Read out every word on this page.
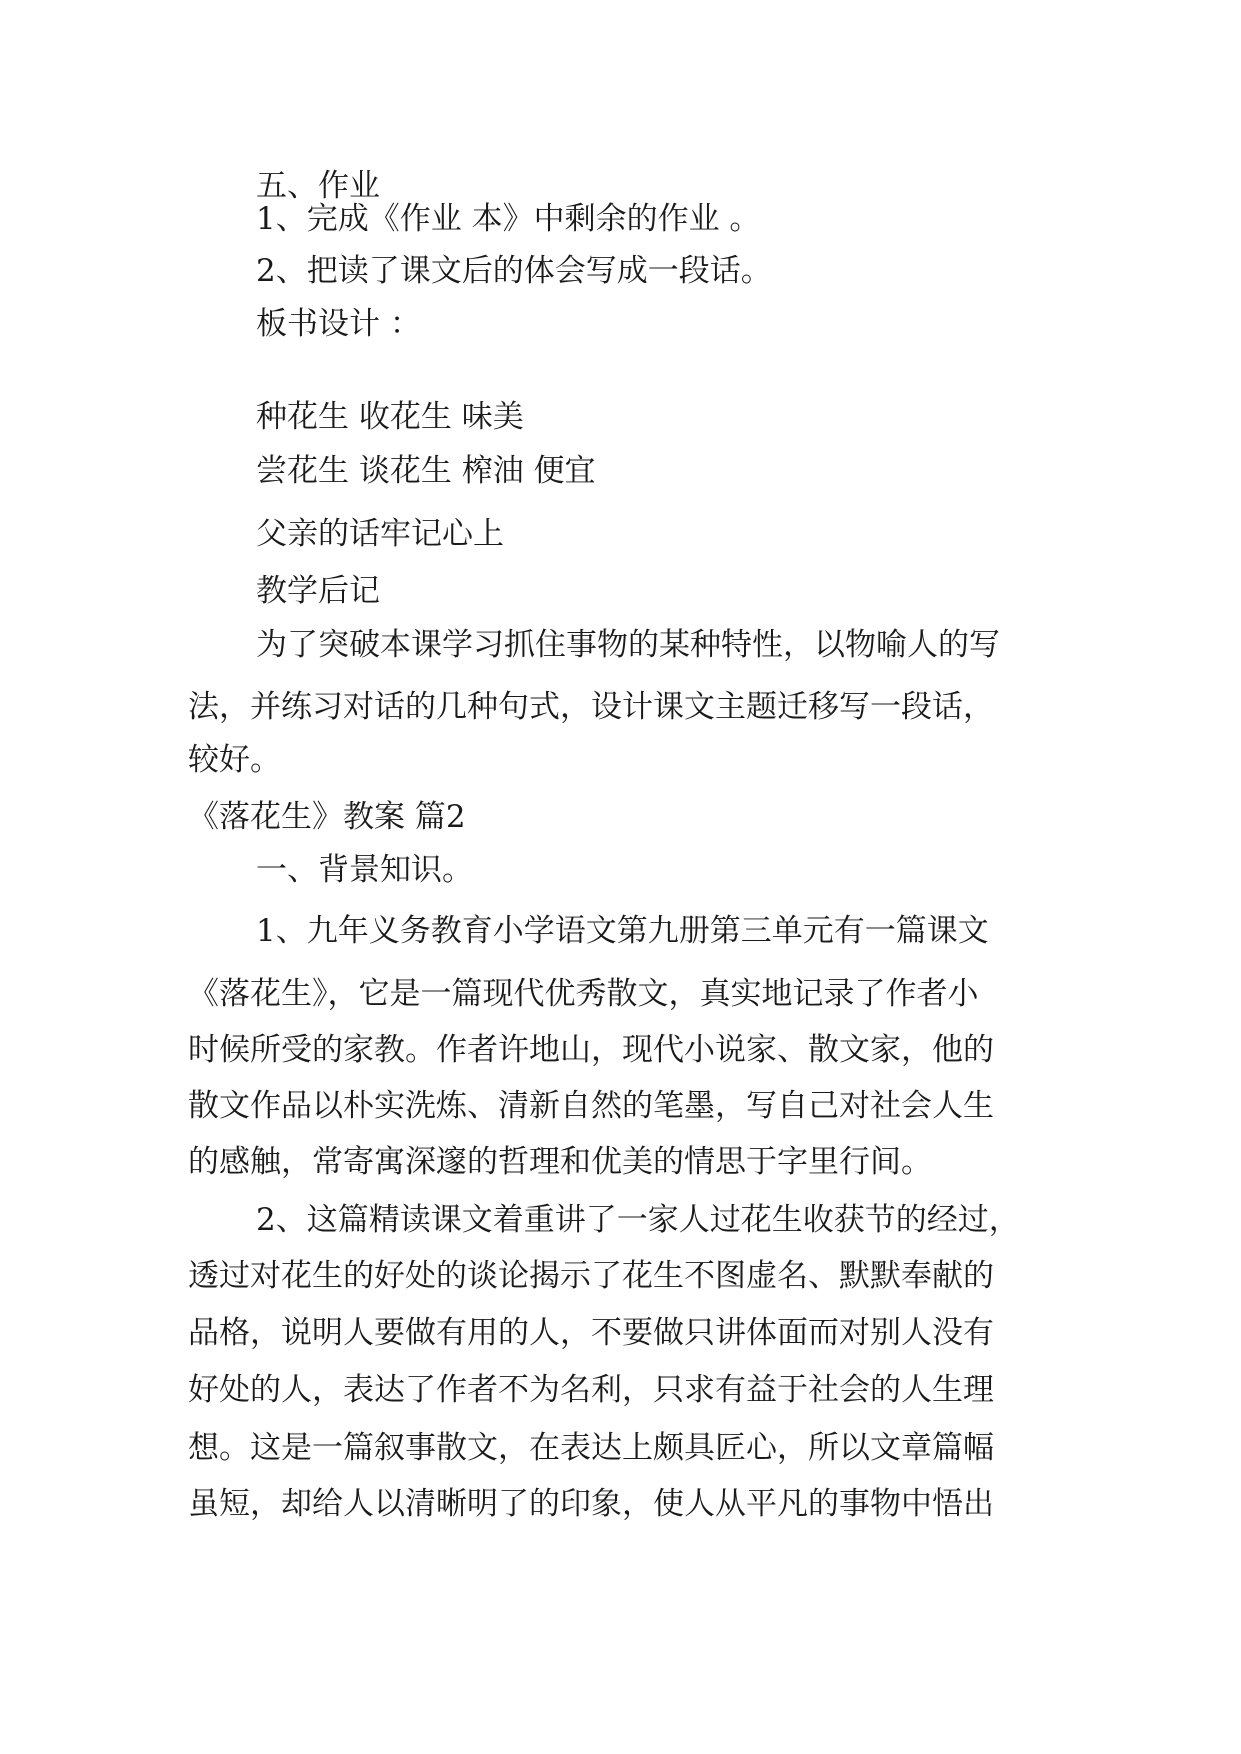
五、作业
1、完成《作业 本》中剩余的作业 。
2、把读了课文后的体会写成一段话。
板书设计 ：
种花生 收花生 味美
尝花生 谈花生 榨油 便宜
父亲的话牢记心上
教学后记
为了突破本课学习抓住事物的某种特性，以物喻人的写
法，并练习对话的几种句式，设计课文主题迁移写一段话，
较好。
《落花生》教案 篇2
一、背景知识。
1、九年义务教育小学语文第九册第三单元有一篇课文
《落花生》，它是一篇现代优秀散文，真实地记录了作者小
时候所受的家教。作者许地山，现代小说家、散文家，他的
散文作品以朴实洗炼、清新自然的笔墨，写自己对社会人生
的感触，常寄寓深邃的哲理和优美的情思于字里行间。
2、这篇精读课文着重讲了一家人过花生收获节的经过，
透过对花生的好处的谈论揭示了花生不图虚名、默默奉献的
品格，说明人要做有用的人，不要做只讲体面而对别人没有
好处的人，表达了作者不为名利，只求有益于社会的人生理
想。这是一篇叙事散文，在表达上颇具匠心，所以文章篇幅
虽短，却给人以清晰明了的印象，使人从平凡的事物中悟出
